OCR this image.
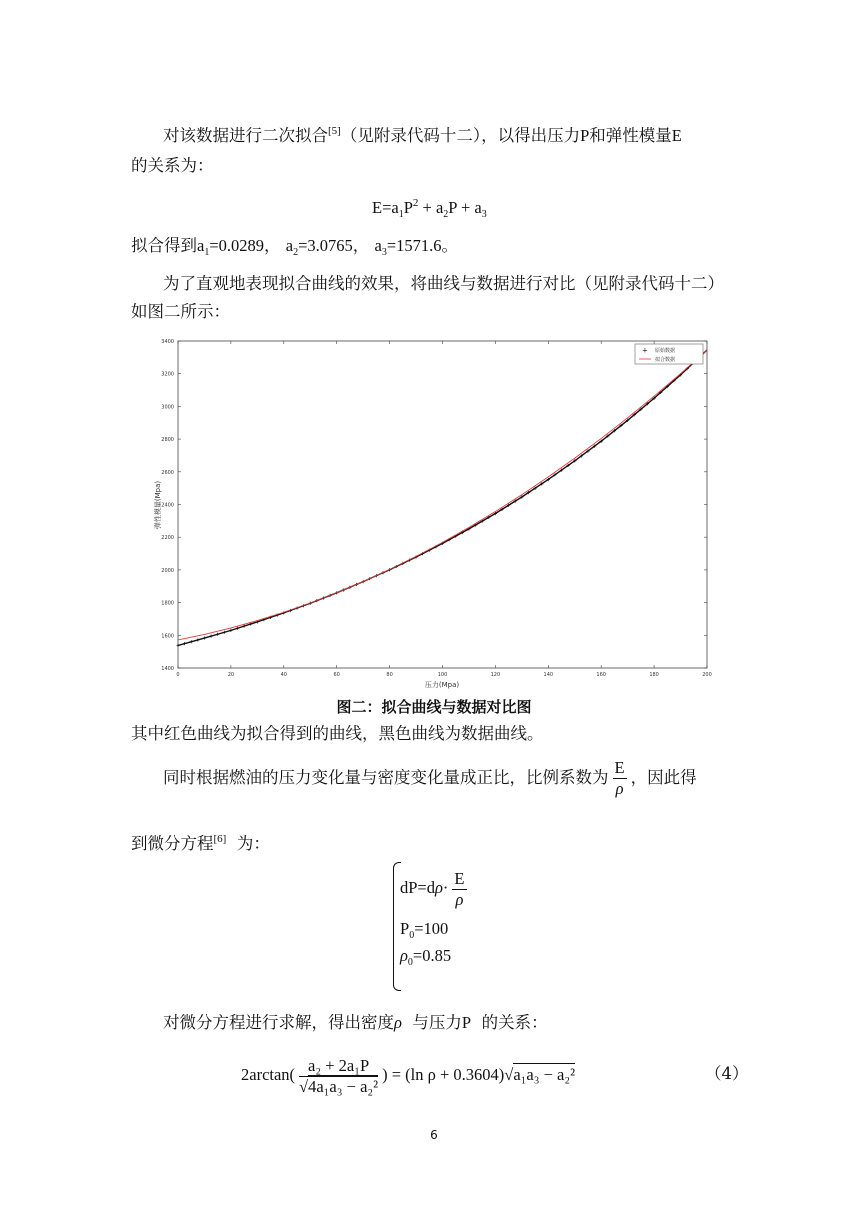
对该数据进行二次拟合[5]（见附录代码十二），以得出压力P和弹性模量E
的关系为：
$E=a_1P^2 + a_2P + a_3$
拟合得到$a_1=0.0289$， $a_2=3.0765$， $a_3=1571.6$。
为了直观地表现拟合曲线的效果，将曲线与数据进行对比（见附录代码十二）
如图二所示：
0	20	40	60	80	100	120	140	160	180	200
1400
1600
1800
2000
2200
2400
2600
2800
3000
3200
3400
+ 原始数据
拟合数据
压力(Mpa)
弹性模量(Mpa)
图二：拟合曲线与数据对比图
其中红色曲线为拟合得到的曲线，黑色曲线为数据曲线。
同时根据燃油的压力变化量与密度变化量成正比，比例系数为 $\frac{E}{\rho}$ ，因此得
到微分方程[6] 为：
$dP=d\rho\cdot \frac{E}{\rho}$
$P_0=100$
$\rho_0=0.85$
对微分方程进行求解，得出密度ρ 与压力P 的关系：
$2\arctan( \frac{\text{a₂ + 2a₁P}}{\text{√4a₁a₃ − a₂²}}$ ) = (ln ρ + 0.3604)√a₁a₃ − a₂²	（4）
6
